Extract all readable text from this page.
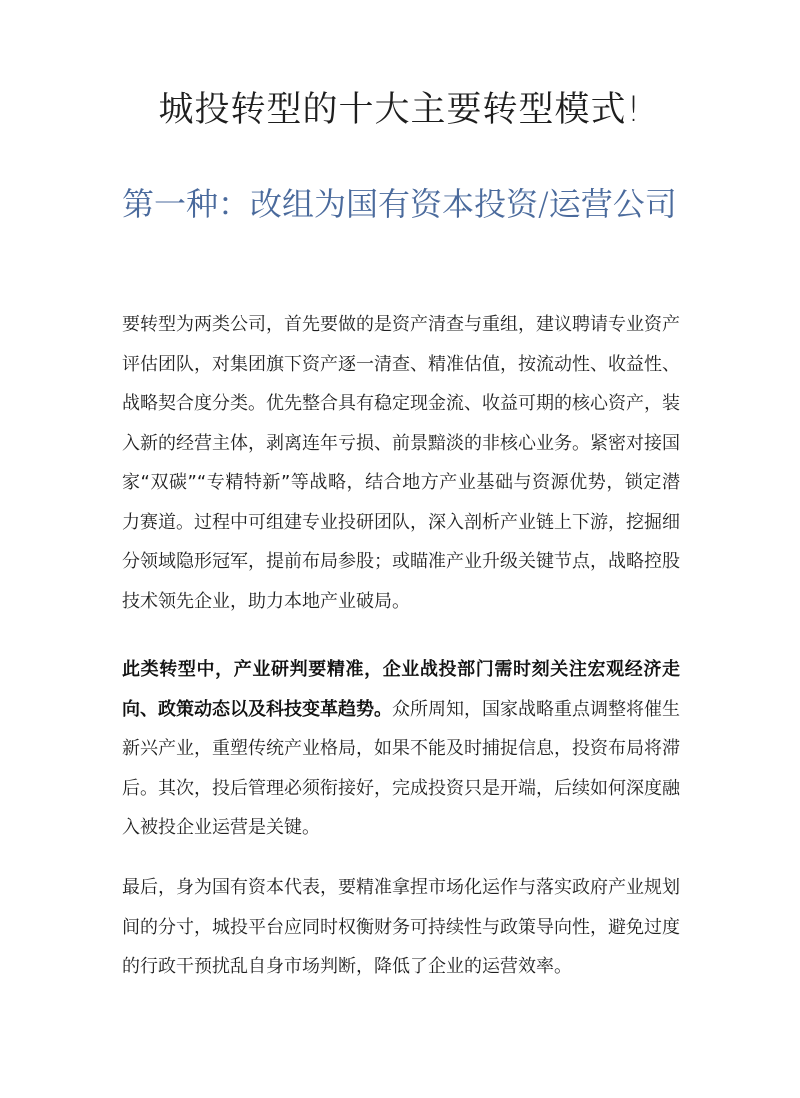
城投转型的十大主要转型模式!
第一种：改组为国有资本投资/运营公司

要转型为两类公司，首先要做的是资产清查与重组，建议聘请专业资产评估团队，对集团旗下资产逐一清查、精准估值，按流动性、收益性、战略契合度分类。优先整合具有稳定现金流、收益可期的核心资产，装入新的经营主体，剥离连年亏损、前景黯淡的非核心业务。紧密对接国家“双碳”“专精特新”等战略，结合地方产业基础与资源优势，锁定潜力赛道。过程中可组建专业投研团队，深入剖析产业链上下游，挖掘细分领域隐形冠军，提前布局参股；或瞄准产业升级关键节点，战略控股技术领先企业，助力本地产业破局。

此类转型中，产业研判要精准，企业战投部门需时刻关注宏观经济走向、政策动态以及科技变革趋势。众所周知，国家战略重点调整将催生新兴产业，重塑传统产业格局，如果不能及时捕捉信息，投资布局将滞后。其次，投后管理必须衔接好，完成投资只是开端，后续如何深度融入被投企业运营是关键。

最后，身为国有资本代表，要精准拿捏市场化运作与落实政府产业规划间的分寸，城投平台应同时权衡财务可持续性与政策导向性，避免过度的行政干预扰乱自身市场判断，降低了企业的运营效率。
